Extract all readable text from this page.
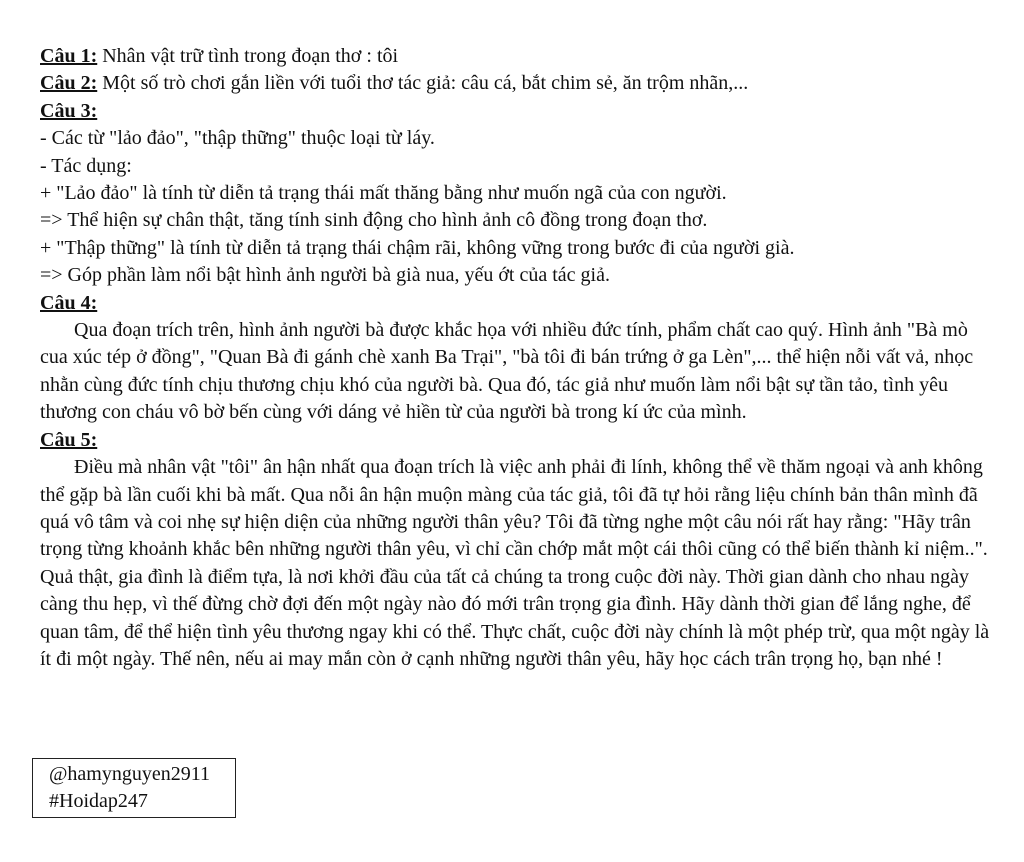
Câu 1: Nhân vật trữ tình trong đoạn thơ : tôi
Câu 2: Một số trò chơi gắn liền với tuổi thơ tác giả: câu cá, bắt chim sẻ, ăn trộm nhãn,...
Câu 3:
- Các từ "lảo đảo", "thập thững" thuộc loại từ láy.
- Tác dụng:
+ "Lảo đảo" là tính từ diễn tả trạng thái mất thăng bằng như muốn ngã của con người.
=> Thể hiện sự chân thật, tăng tính sinh động cho hình ảnh cô đồng trong đoạn thơ.
+ "Thập thững" là tính từ diễn tả trạng thái chậm rãi, không vững trong bước đi của người già.
=> Góp phần làm nổi bật hình ảnh người bà già nua, yếu ớt của tác giả.
Câu 4:
Qua đoạn trích trên, hình ảnh người bà được khắc họa với nhiều đức tính, phẩm chất cao quý. Hình ảnh "Bà mò cua xúc tép ở đồng", "Quan Bà đi gánh chè xanh Ba Trại", "bà tôi đi bán trứng ở ga Lèn",... thể hiện nỗi vất vả, nhọc nhằn cùng đức tính chịu thương chịu khó của người bà. Qua đó, tác giả như muốn làm nổi bật sự tần tảo, tình yêu thương con cháu vô bờ bến cùng với dáng vẻ hiền từ của người bà trong kí ức của mình.
Câu 5:
Điều mà nhân vật "tôi" ân hận nhất qua đoạn trích là việc anh phải đi lính, không thể về thăm ngoại và anh không thể gặp bà lần cuối khi bà mất. Qua nỗi ân hận muộn màng của tác giả, tôi đã tự hỏi rằng liệu chính bản thân mình đã quá vô tâm và coi nhẹ sự hiện diện của những người thân yêu? Tôi đã từng nghe một câu nói rất hay rằng: "Hãy trân trọng từng khoảnh khắc bên những người thân yêu, vì chỉ cần chớp mắt một cái thôi cũng có thể biến thành kỉ niệm..". Quả thật, gia đình là điểm tựa, là nơi khởi đầu của tất cả chúng ta trong cuộc đời này. Thời gian dành cho nhau ngày càng thu hẹp, vì thế đừng chờ đợi đến một ngày nào đó mới trân trọng gia đình. Hãy dành thời gian để lắng nghe, để quan tâm, để thể hiện tình yêu thương ngay khi có thể. Thực chất, cuộc đời này chính là một phép trừ, qua một ngày là ít đi một ngày. Thế nên, nếu ai may mắn còn ở cạnh những người thân yêu, hãy học cách trân trọng họ, bạn nhé !
@hamynguyen2911
#Hoidap247
